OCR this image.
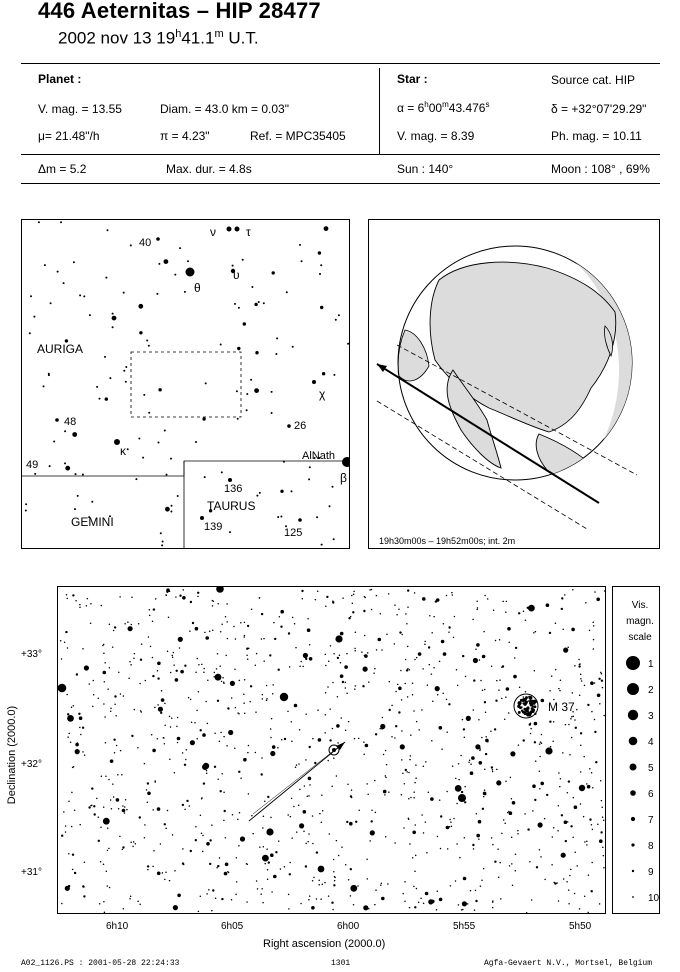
446 Aeternitas – HIP 28477
2002 nov 13 19$^h$41.1$^m$ U.T.
Planet :
V. mag. = 13.55	Diam. = 43.0 km = 0.03"
μ= 21.48"/h	π = 4.23"	Ref. = MPC35405
Star :	Source cat. HIP
$\alpha = 6^h00^m43.476^s$	δ = +32°07'29.29"
V. mag. = 8.39	Ph. mag. = 10.11
Δm = 5.2	Max. dur. = 4.8s	Sun : 140°	Moon : 108° , 69%
AURIGA
GEMINI
TAURUS
AlNath
40
48	26
49
136
139	125
ν	τ
θ
υ
χ
κ
β
19h30m00s – 19h52m00s; int. 2m
M 37
6h10	6h05	6h00	5h55	5h50
Right ascension (2000.0)
+33°
+32°
+31°
Declination (2000.0)
Vis.
magn.
scale
1
2
3
4
5
6
7
8
9
10
A02_1126.PS : 2001-05-28 22:24:33	1301	Agfa-Gevaert N.V., Mortsel, Belgium
